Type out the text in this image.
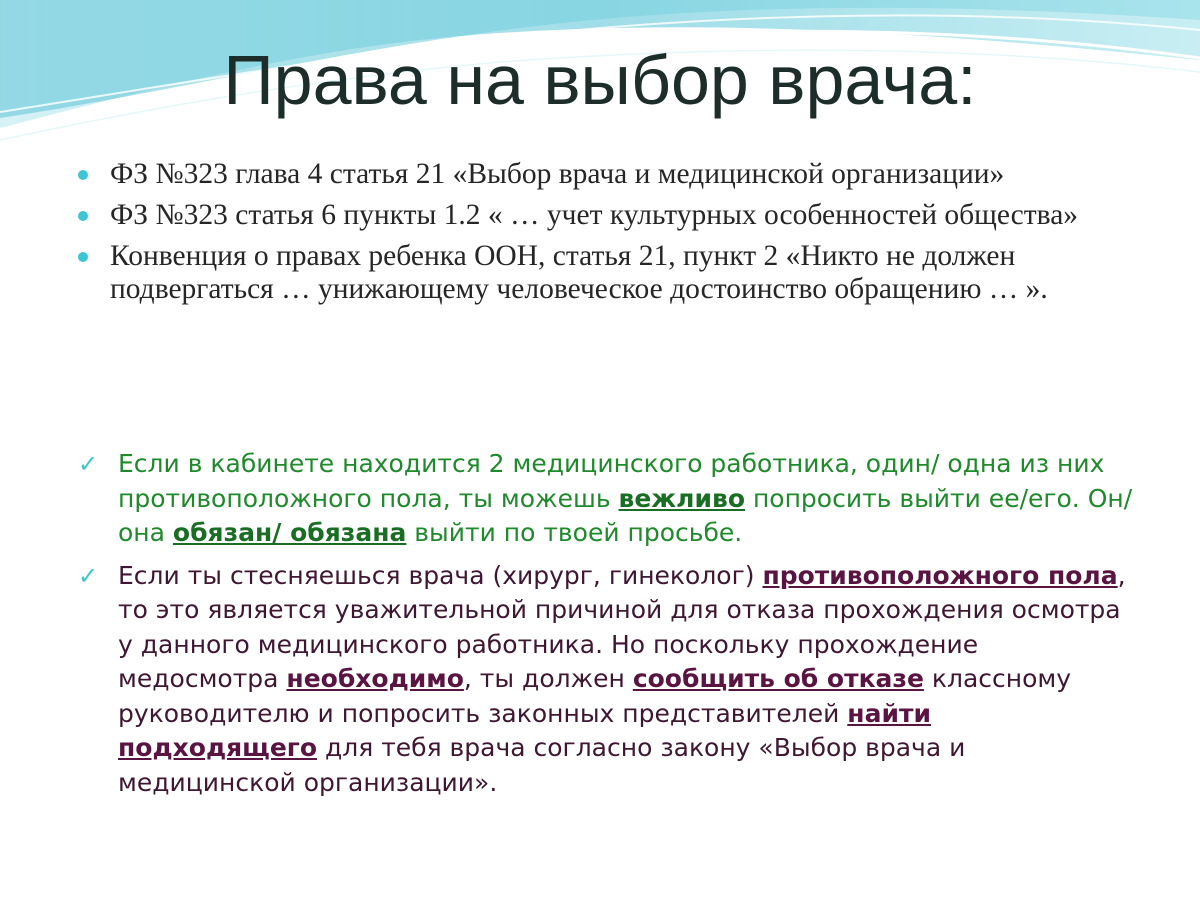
Права на выбор врача:
ФЗ №323 глава 4 статья 21 «Выбор врача и медицинской организации»
ФЗ №323 статья 6 пункты 1.2 « … учет культурных особенностей общества»
Конвенция о правах ребенка ООН, статья 21, пункт 2 «Никто не должен подвергаться … унижающему человеческое достоинство обращению … ».
✓ Если в кабинете находится 2 медицинского работника, один/ одна из них противоположного пола, ты можешь вежливо попросить выйти ее/его. Он/ она обязан/ обязана выйти по твоей просьбе.
✓ Если ты стесняешься врача (хирург, гинеколог) противоположного пола, то это является уважительной причиной для отказа прохождения осмотра у данного медицинского работника. Но поскольку прохождение медосмотра необходимо, ты должен сообщить об отказе классному руководителю и попросить законных представителей найти подходящего для тебя врача согласно закону «Выбор врача и медицинской организации».
